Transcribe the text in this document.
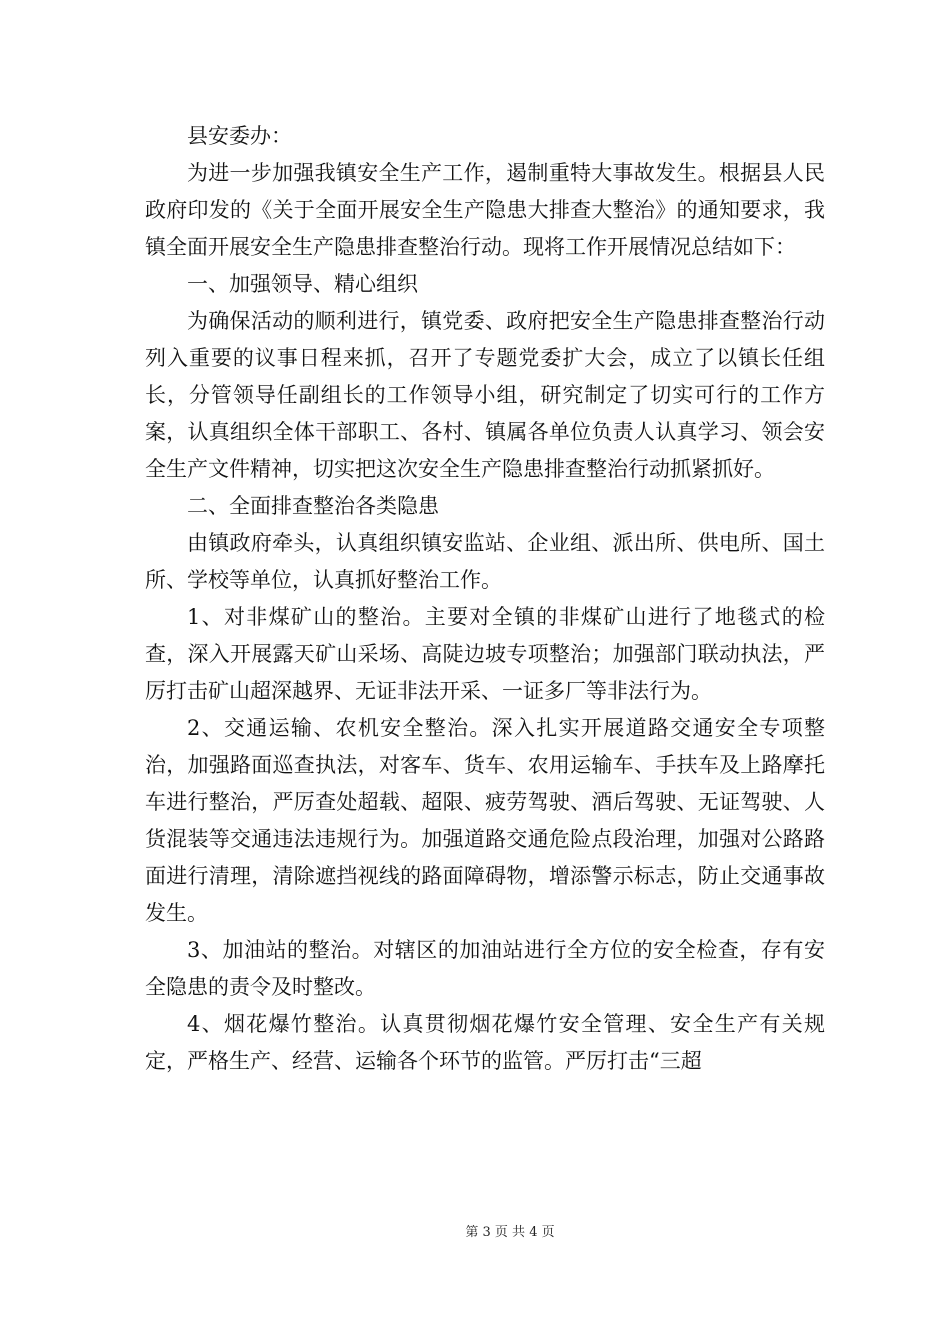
县安委办：

为进一步加强我镇安全生产工作，遏制重特大事故发生。根据县人民政府印发的《关于全面开展安全生产隐患大排查大整治》的通知要求，我镇全面开展安全生产隐患排查整治行动。现将工作开展情况总结如下：

一、加强领导、精心组织

为确保活动的顺利进行，镇党委、政府把安全生产隐患排查整治行动列入重要的议事日程来抓，召开了专题党委扩大会，成立了以镇长任组长，分管领导任副组长的工作领导小组，研究制定了切实可行的工作方案，认真组织全体干部职工、各村、镇属各单位负责人认真学习、领会安全生产文件精神，切实把这次安全生产隐患排查整治行动抓紧抓好。

二、全面排查整治各类隐患

由镇政府牵头，认真组织镇安监站、企业组、派出所、供电所、国土所、学校等单位，认真抓好整治工作。

1、对非煤矿山的整治。主要对全镇的非煤矿山进行了地毯式的检查，深入开展露天矿山采场、高陡边坡专项整治；加强部门联动执法，严厉打击矿山超深越界、无证非法开采、一证多厂等非法行为。

2、交通运输、农机安全整治。深入扎实开展道路交通安全专项整治，加强路面巡查执法，对客车、货车、农用运输车、手扶车及上路摩托车进行整治，严厉查处超载、超限、疲劳驾驶、酒后驾驶、无证驾驶、人货混装等交通违法违规行为。加强道路交通危险点段治理，加强对公路路面进行清理，清除遮挡视线的路面障碍物，增添警示标志，防止交通事故发生。

3、加油站的整治。对辖区的加油站进行全方位的安全检查，存有安全隐患的责令及时整改。

4、烟花爆竹整治。认真贯彻烟花爆竹安全管理、安全生产有关规定，严格生产、经营、运输各个环节的监管。严厉打击“三超

第 3 页 共 4 页
